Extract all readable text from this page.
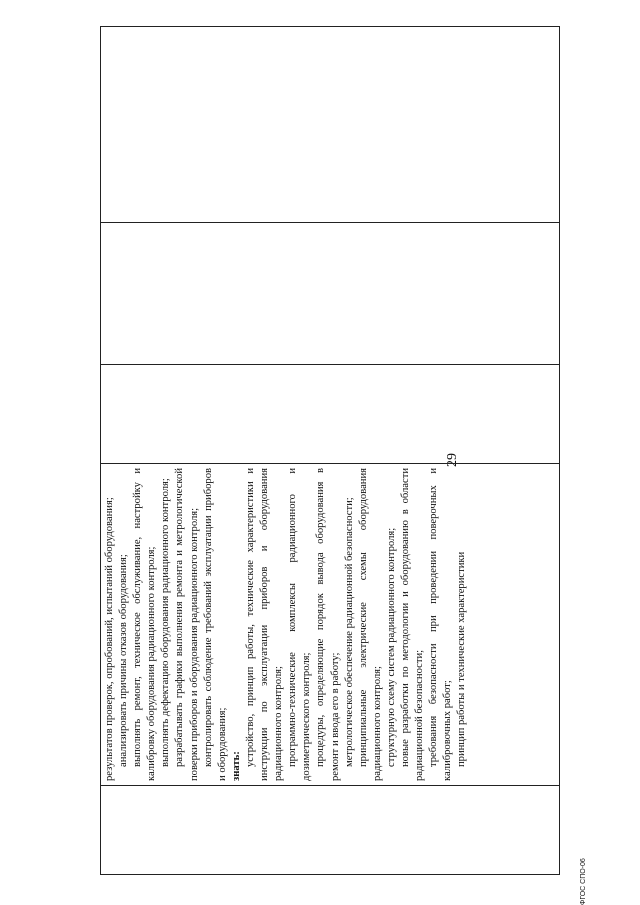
29

результатов проверок, опробований, испытаний оборудования; анализировать причины отказов оборудования; выполнять ремонт, техническое обслуживание, настройку и калибровку оборудования радиационного контроля; выполнять дефектацию оборудования радиационного контроля; разрабатывать графики выполнения ремонта и метрологической поверки приборов и оборудования радиационного контроля; контролировать соблюдение требований эксплуатации приборов и оборудования; знать: устройство, принцип работы, технические характеристики и инструкции по эксплуатации приборов и оборудования радиационного контроля; программно-технические комплексы радиационного и дозиметрического контроля; процедуры, определяющие порядок вывода оборудования в ремонт и ввода его в работу; метрологическое обеспечение радиационной безопасности; принципиальные электрические схемы оборудования радиационного контроля; структурную схему систем радиационного контроля; новые разработки по методологии и оборудованию в области радиационной безопасности; требования безопасности при проведении поверочных и калибровочных работ; принцип работы и технические характеристики

ФГОС СПО-06
